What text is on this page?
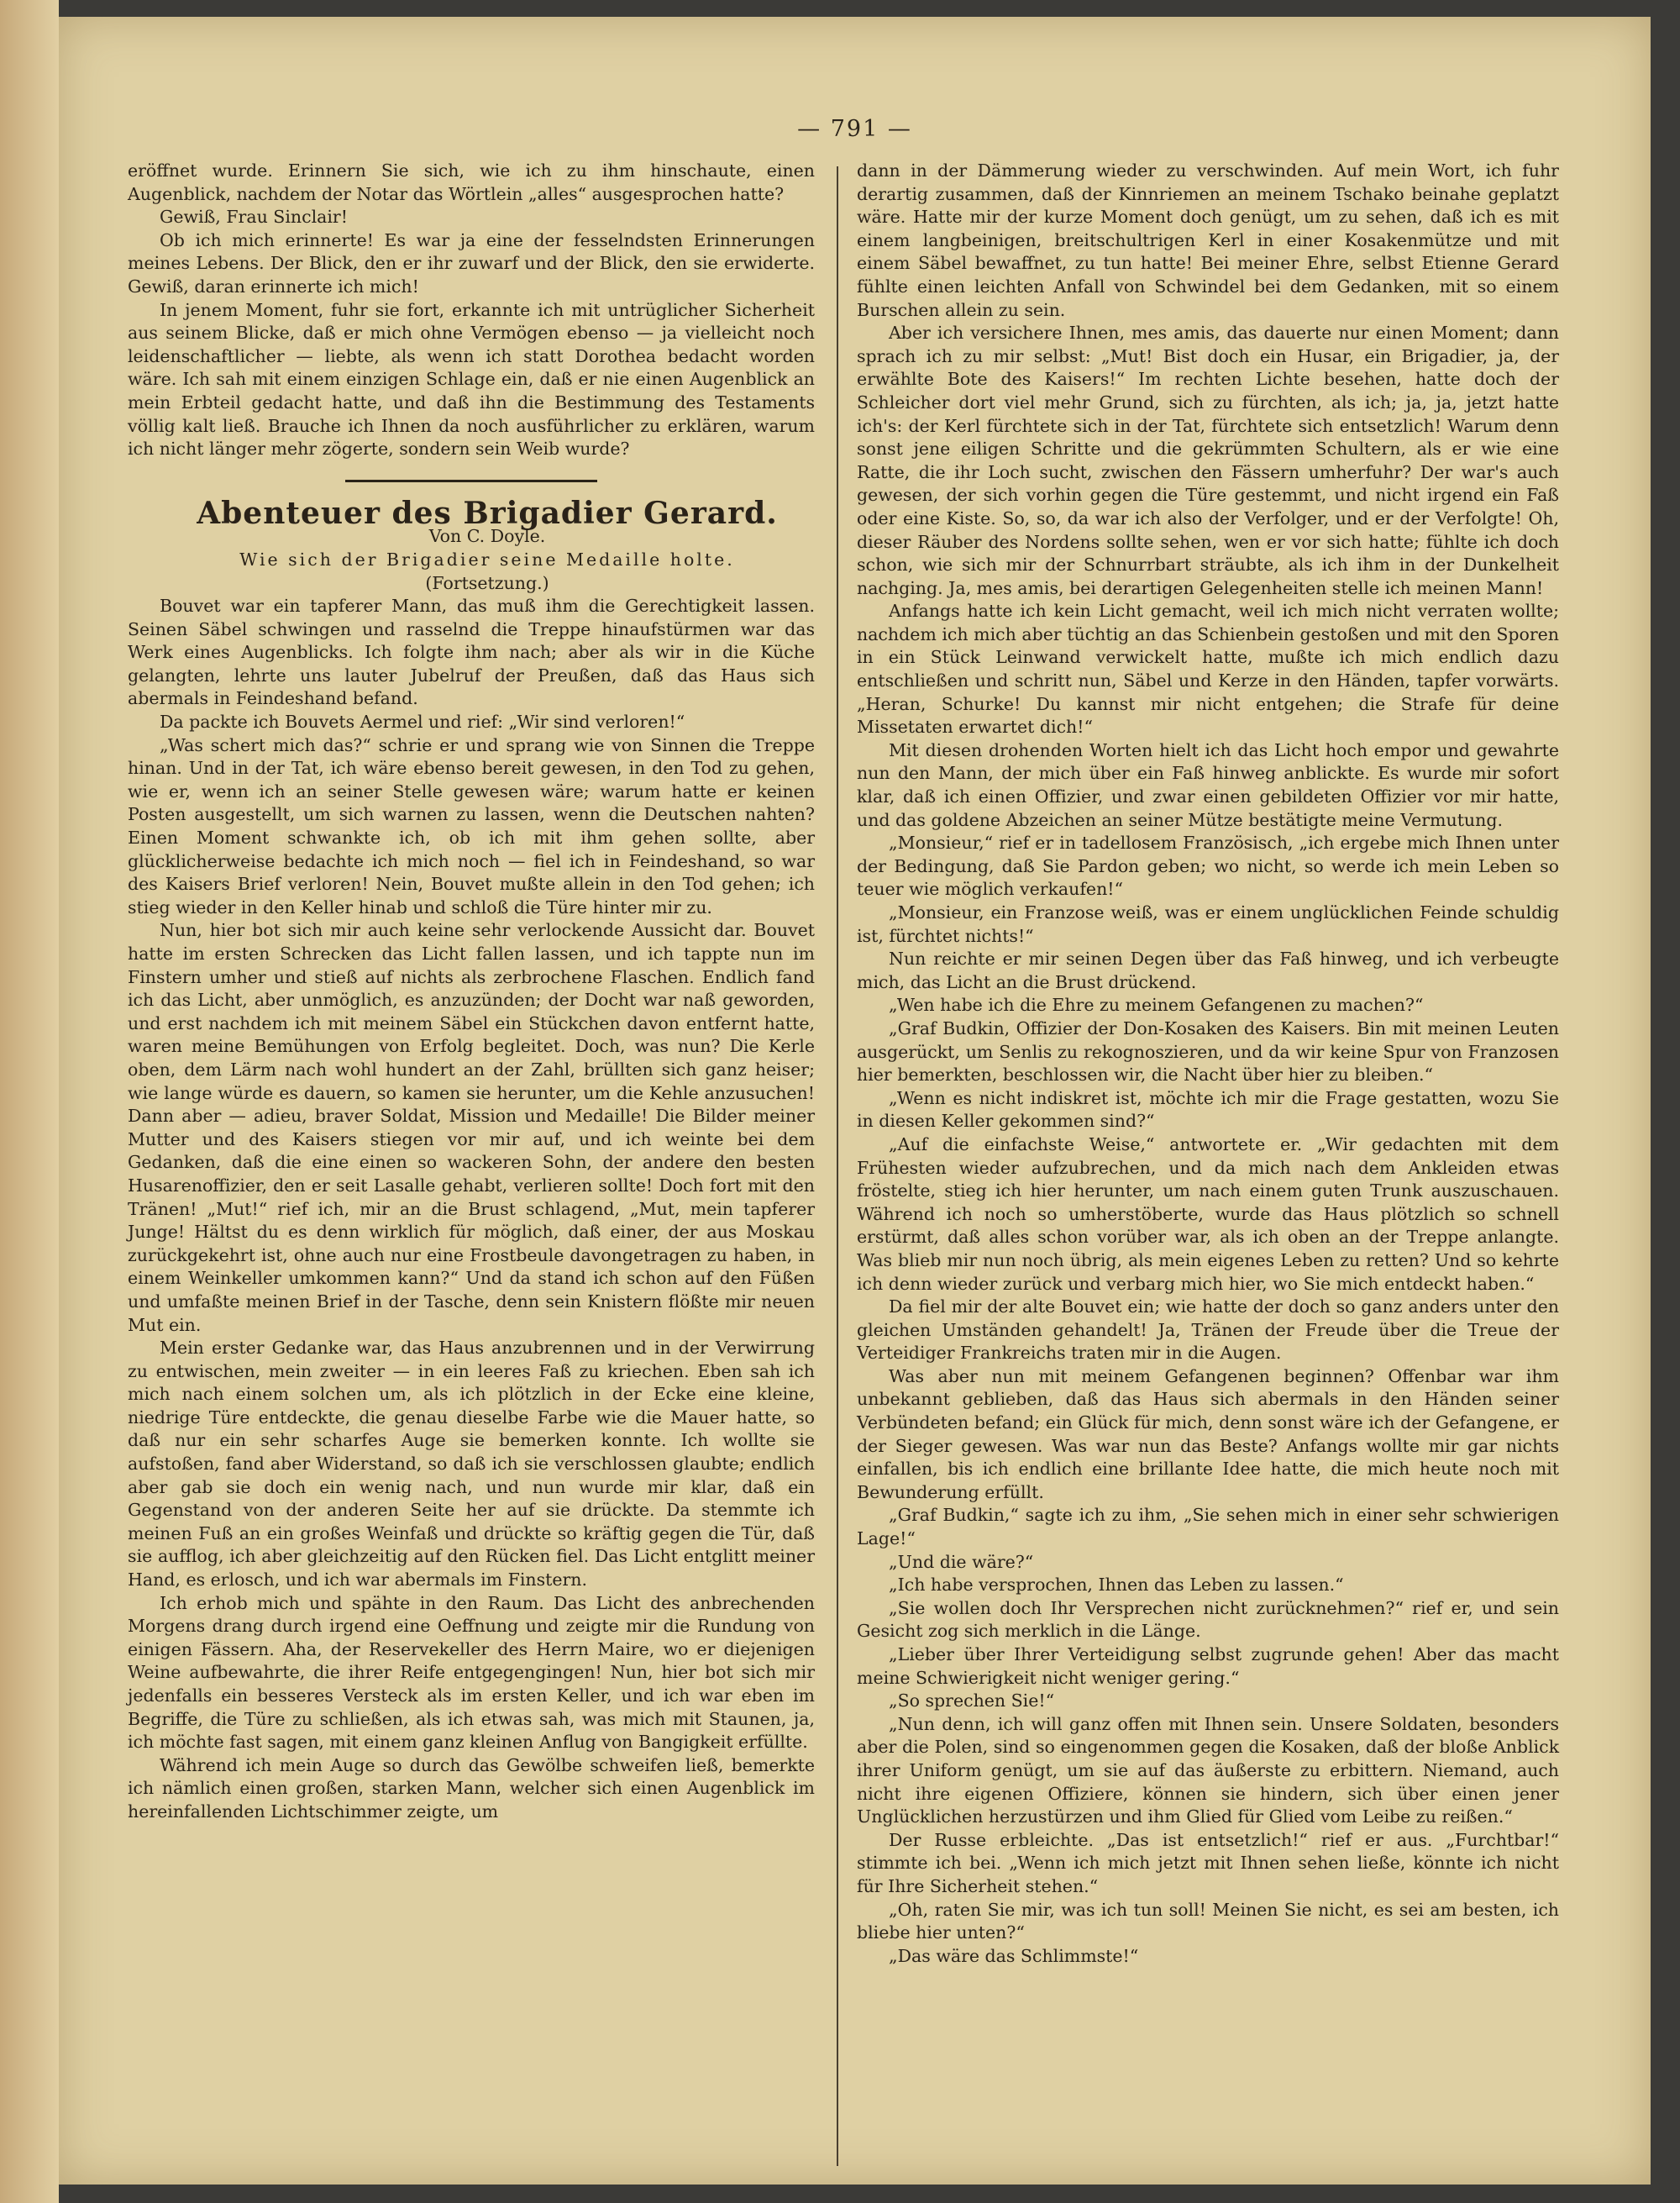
— 791 —

eröffnet wurde. Erinnern Sie sich, wie ich zu ihm hinschaute, einen Augenblick, nachdem der Notar das Wörtlein „alles“ ausgesprochen hatte?

Gewiß, Frau Sinclair!

Ob ich mich erinnerte! Es war ja eine der fesselndsten Erinnerungen meines Lebens. Der Blick, den er ihr zuwarf und der Blick, den sie erwiderte. Gewiß, daran erinnerte ich mich!

In jenem Moment, fuhr sie fort, erkannte ich mit untrüglicher Sicherheit aus seinem Blicke, daß er mich ohne Vermögen ebenso — ja vielleicht noch leidenschaftlicher — liebte, als wenn ich statt Dorothea bedacht worden wäre. Ich sah mit einem einzigen Schlage ein, daß er nie einen Augenblick an mein Erbteil gedacht hatte, und daß ihn die Bestimmung des Testaments völlig kalt ließ. Brauche ich Ihnen da noch ausführlicher zu erklären, warum ich nicht länger mehr zögerte, sondern sein Weib wurde?

Abenteuer des Brigadier Gerard.

Von C. Doyle.

Wie sich der Brigadier seine Medaille holte.

(Fortsetzung.)

Bouvet war ein tapferer Mann, das muß ihm die Gerechtigkeit lassen. Seinen Säbel schwingen und rasselnd die Treppe hinaufstürmen war das Werk eines Augenblicks. Ich folgte ihm nach; aber als wir in die Küche gelangten, lehrte uns lauter Jubelruf der Preußen, daß das Haus sich abermals in Feindeshand befand.

Da packte ich Bouvets Aermel und rief: „Wir sind verloren!“

„Was schert mich das?“ schrie er und sprang wie von Sinnen die Treppe hinan. Und in der Tat, ich wäre ebenso bereit gewesen, in den Tod zu gehen, wie er, wenn ich an seiner Stelle gewesen wäre; warum hatte er keinen Posten ausgestellt, um sich warnen zu lassen, wenn die Deutschen nahten? Einen Moment schwankte ich, ob ich mit ihm gehen sollte, aber glücklicherweise bedachte ich mich noch — fiel ich in Feindeshand, so war des Kaisers Brief verloren! Nein, Bouvet mußte allein in den Tod gehen; ich stieg wieder in den Keller hinab und schloß die Türe hinter mir zu.

Nun, hier bot sich mir auch keine sehr verlockende Aussicht dar. Bouvet hatte im ersten Schrecken das Licht fallen lassen, und ich tappte nun im Finstern umher und stieß auf nichts als zerbrochene Flaschen. Endlich fand ich das Licht, aber unmöglich, es anzuzünden; der Docht war naß geworden, und erst nachdem ich mit meinem Säbel ein Stückchen davon entfernt hatte, waren meine Bemühungen von Erfolg begleitet. Doch, was nun? Die Kerle oben, dem Lärm nach wohl hundert an der Zahl, brüllten sich ganz heiser; wie lange würde es dauern, so kamen sie herunter, um die Kehle anzusuchen! Dann aber — adieu, braver Soldat, Mission und Medaille! Die Bilder meiner Mutter und des Kaisers stiegen vor mir auf, und ich weinte bei dem Gedanken, daß die eine einen so wackeren Sohn, der andere den besten Husarenoffizier, den er seit Lasalle gehabt, verlieren sollte! Doch fort mit den Tränen! „Mut!“ rief ich, mir an die Brust schlagend, „Mut, mein tapferer Junge! Hältst du es denn wirklich für möglich, daß einer, der aus Moskau zurückgekehrt ist, ohne auch nur eine Frostbeule davongetragen zu haben, in einem Weinkeller umkommen kann?“ Und da stand ich schon auf den Füßen und umfaßte meinen Brief in der Tasche, denn sein Knistern flößte mir neuen Mut ein.

Mein erster Gedanke war, das Haus anzubrennen und in der Verwirrung zu entwischen, mein zweiter — in ein leeres Faß zu kriechen. Eben sah ich mich nach einem solchen um, als ich plötzlich in der Ecke eine kleine, niedrige Türe entdeckte, die genau dieselbe Farbe wie die Mauer hatte, so daß nur ein sehr scharfes Auge sie bemerken konnte. Ich wollte sie aufstoßen, fand aber Widerstand, so daß ich sie verschlossen glaubte; endlich aber gab sie doch ein wenig nach, und nun wurde mir klar, daß ein Gegenstand von der anderen Seite her auf sie drückte. Da stemmte ich meinen Fuß an ein großes Weinfaß und drückte so kräftig gegen die Tür, daß sie aufflog, ich aber gleichzeitig auf den Rücken fiel. Das Licht entglitt meiner Hand, es erlosch, und ich war abermals im Finstern.

Ich erhob mich und spähte in den Raum. Das Licht des anbrechenden Morgens drang durch irgend eine Oeffnung und zeigte mir die Rundung von einigen Fässern. Aha, der Reservekeller des Herrn Maire, wo er diejenigen Weine aufbewahrte, die ihrer Reife entgegengingen! Nun, hier bot sich mir jedenfalls ein besseres Versteck als im ersten Keller, und ich war eben im Begriffe, die Türe zu schließen, als ich etwas sah, was mich mit Staunen, ja, ich möchte fast sagen, mit einem ganz kleinen Anflug von Bangigkeit erfüllte.

Während ich mein Auge so durch das Gewölbe schweifen ließ, bemerkte ich nämlich einen großen, starken Mann, welcher sich einen Augenblick im hereinfallenden Lichtschimmer zeigte, um

dann in der Dämmerung wieder zu verschwinden. Auf mein Wort, ich fuhr derartig zusammen, daß der Kinnriemen an meinem Tschako beinahe geplatzt wäre. Hatte mir der kurze Moment doch genügt, um zu sehen, daß ich es mit einem langbeinigen, breitschultrigen Kerl in einer Kosakenmütze und mit einem Säbel bewaffnet, zu tun hatte! Bei meiner Ehre, selbst Etienne Gerard fühlte einen leichten Anfall von Schwindel bei dem Gedanken, mit so einem Burschen allein zu sein.

Aber ich versichere Ihnen, mes amis, das dauerte nur einen Moment; dann sprach ich zu mir selbst: „Mut! Bist doch ein Husar, ein Brigadier, ja, der erwählte Bote des Kaisers!“ Im rechten Lichte besehen, hatte doch der Schleicher dort viel mehr Grund, sich zu fürchten, als ich; ja, ja, jetzt hatte ich's: der Kerl fürchtete sich in der Tat, fürchtete sich entsetzlich! Warum denn sonst jene eiligen Schritte und die gekrümmten Schultern, als er wie eine Ratte, die ihr Loch sucht, zwischen den Fässern umherfuhr? Der war's auch gewesen, der sich vorhin gegen die Türe gestemmt, und nicht irgend ein Faß oder eine Kiste. So, so, da war ich also der Verfolger, und er der Verfolgte! Oh, dieser Räuber des Nordens sollte sehen, wen er vor sich hatte; fühlte ich doch schon, wie sich mir der Schnurrbart sträubte, als ich ihm in der Dunkelheit nachging. Ja, mes amis, bei derartigen Gelegenheiten stelle ich meinen Mann!

Anfangs hatte ich kein Licht gemacht, weil ich mich nicht verraten wollte; nachdem ich mich aber tüchtig an das Schienbein gestoßen und mit den Sporen in ein Stück Leinwand verwickelt hatte, mußte ich mich endlich dazu entschließen und schritt nun, Säbel und Kerze in den Händen, tapfer vorwärts. „Heran, Schurke! Du kannst mir nicht entgehen; die Strafe für deine Missetaten erwartet dich!“

Mit diesen drohenden Worten hielt ich das Licht hoch empor und gewahrte nun den Mann, der mich über ein Faß hinweg anblickte. Es wurde mir sofort klar, daß ich einen Offizier, und zwar einen gebildeten Offizier vor mir hatte, und das goldene Abzeichen an seiner Mütze bestätigte meine Vermutung.

„Monsieur,“ rief er in tadellosem Französisch, „ich ergebe mich Ihnen unter der Bedingung, daß Sie Pardon geben; wo nicht, so werde ich mein Leben so teuer wie möglich verkaufen!“

„Monsieur, ein Franzose weiß, was er einem unglücklichen Feinde schuldig ist, fürchtet nichts!“

Nun reichte er mir seinen Degen über das Faß hinweg, und ich verbeugte mich, das Licht an die Brust drückend.

„Wen habe ich die Ehre zu meinem Gefangenen zu machen?“

„Graf Budkin, Offizier der Don-Kosaken des Kaisers. Bin mit meinen Leuten ausgerückt, um Senlis zu rekognoszieren, und da wir keine Spur von Franzosen hier bemerkten, beschlossen wir, die Nacht über hier zu bleiben.“

„Wenn es nicht indiskret ist, möchte ich mir die Frage gestatten, wozu Sie in diesen Keller gekommen sind?“

„Auf die einfachste Weise,“ antwortete er. „Wir gedachten mit dem Frühesten wieder aufzubrechen, und da mich nach dem Ankleiden etwas fröstelte, stieg ich hier herunter, um nach einem guten Trunk auszuschauen. Während ich noch so umherstöberte, wurde das Haus plötzlich so schnell erstürmt, daß alles schon vorüber war, als ich oben an der Treppe anlangte. Was blieb mir nun noch übrig, als mein eigenes Leben zu retten? Und so kehrte ich denn wieder zurück und verbarg mich hier, wo Sie mich entdeckt haben.“

Da fiel mir der alte Bouvet ein; wie hatte der doch so ganz anders unter den gleichen Umständen gehandelt! Ja, Tränen der Freude über die Treue der Verteidiger Frankreichs traten mir in die Augen.

Was aber nun mit meinem Gefangenen beginnen? Offenbar war ihm unbekannt geblieben, daß das Haus sich abermals in den Händen seiner Verbündeten befand; ein Glück für mich, denn sonst wäre ich der Gefangene, er der Sieger gewesen. Was war nun das Beste? Anfangs wollte mir gar nichts einfallen, bis ich endlich eine brillante Idee hatte, die mich heute noch mit Bewunderung erfüllt.

„Graf Budkin,“ sagte ich zu ihm, „Sie sehen mich in einer sehr schwierigen Lage!“

„Und die wäre?“

„Ich habe versprochen, Ihnen das Leben zu lassen.“

„Sie wollen doch Ihr Versprechen nicht zurücknehmen?“ rief er, und sein Gesicht zog sich merklich in die Länge.

„Lieber über Ihrer Verteidigung selbst zugrunde gehen! Aber das macht meine Schwierigkeit nicht weniger gering.“

„So sprechen Sie!“

„Nun denn, ich will ganz offen mit Ihnen sein. Unsere Soldaten, besonders aber die Polen, sind so eingenommen gegen die Kosaken, daß der bloße Anblick ihrer Uniform genügt, um sie auf das äußerste zu erbittern. Niemand, auch nicht ihre eigenen Offiziere, können sie hindern, sich über einen jener Unglücklichen herzustürzen und ihm Glied für Glied vom Leibe zu reißen.“

Der Russe erbleichte. „Das ist entsetzlich!“ rief er aus. „Furchtbar!“ stimmte ich bei. „Wenn ich mich jetzt mit Ihnen sehen ließe, könnte ich nicht für Ihre Sicherheit stehen.“

„Oh, raten Sie mir, was ich tun soll! Meinen Sie nicht, es sei am besten, ich bliebe hier unten?“

„Das wäre das Schlimmste!“
